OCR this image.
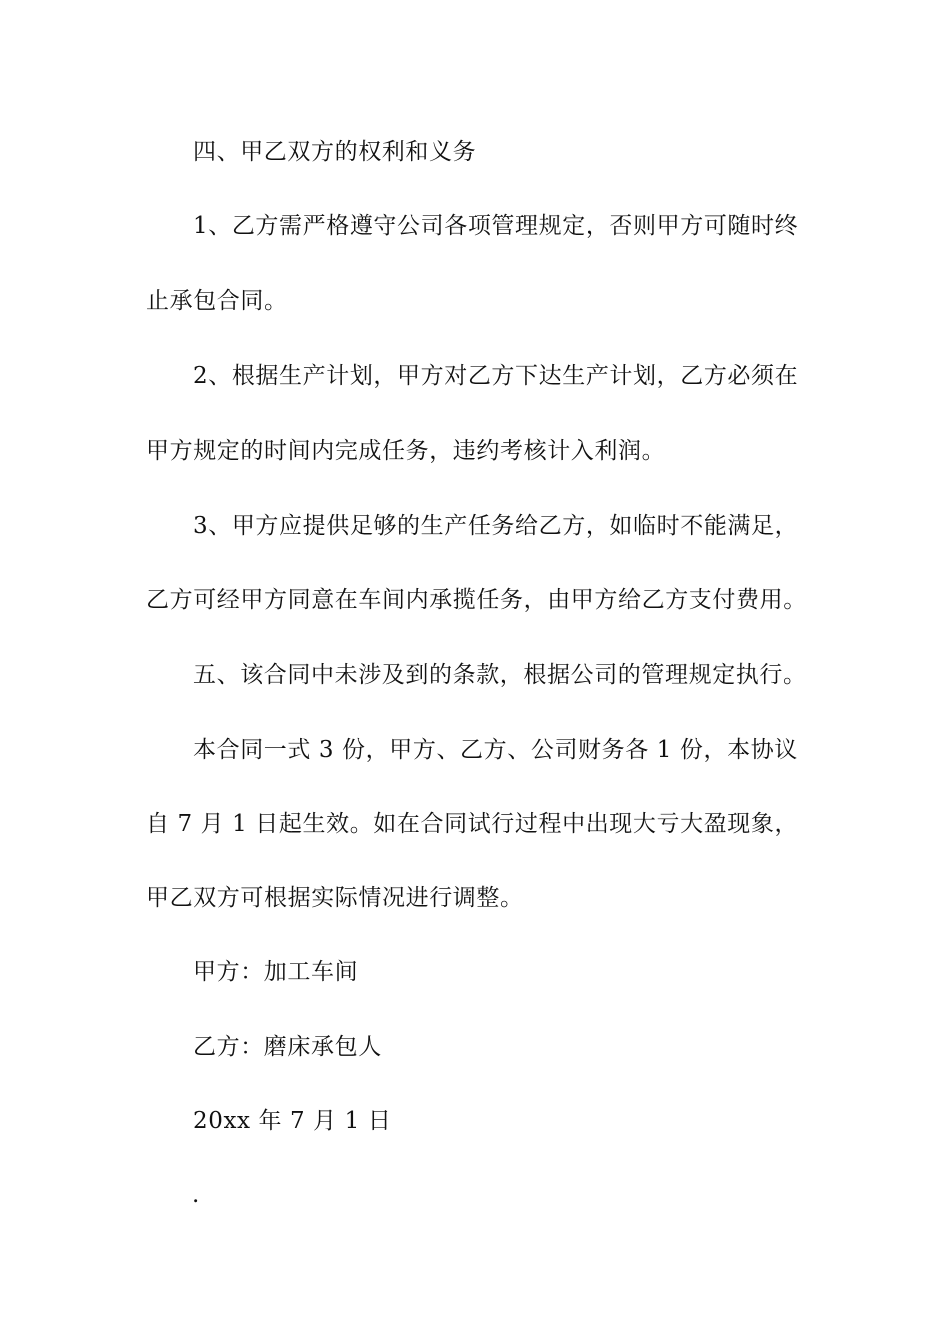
四、甲乙双方的权利和义务
1、乙方需严格遵守公司各项管理规定，否则甲方可随时终
止承包合同。
2、根据生产计划，甲方对乙方下达生产计划，乙方必须在
甲方规定的时间内完成任务，违约考核计入利润。
3、甲方应提供足够的生产任务给乙方，如临时不能满足，
乙方可经甲方同意在车间内承揽任务，由甲方给乙方支付费用。
五、该合同中未涉及到的条款，根据公司的管理规定执行。
本合同一式 3 份，甲方、乙方、公司财务各 1 份，本协议
自 7 月 1 日起生效。如在合同试行过程中出现大亏大盈现象，
甲乙双方可根据实际情况进行调整。
甲方：加工车间
乙方：磨床承包人
20xx 年 7 月 1 日
.
